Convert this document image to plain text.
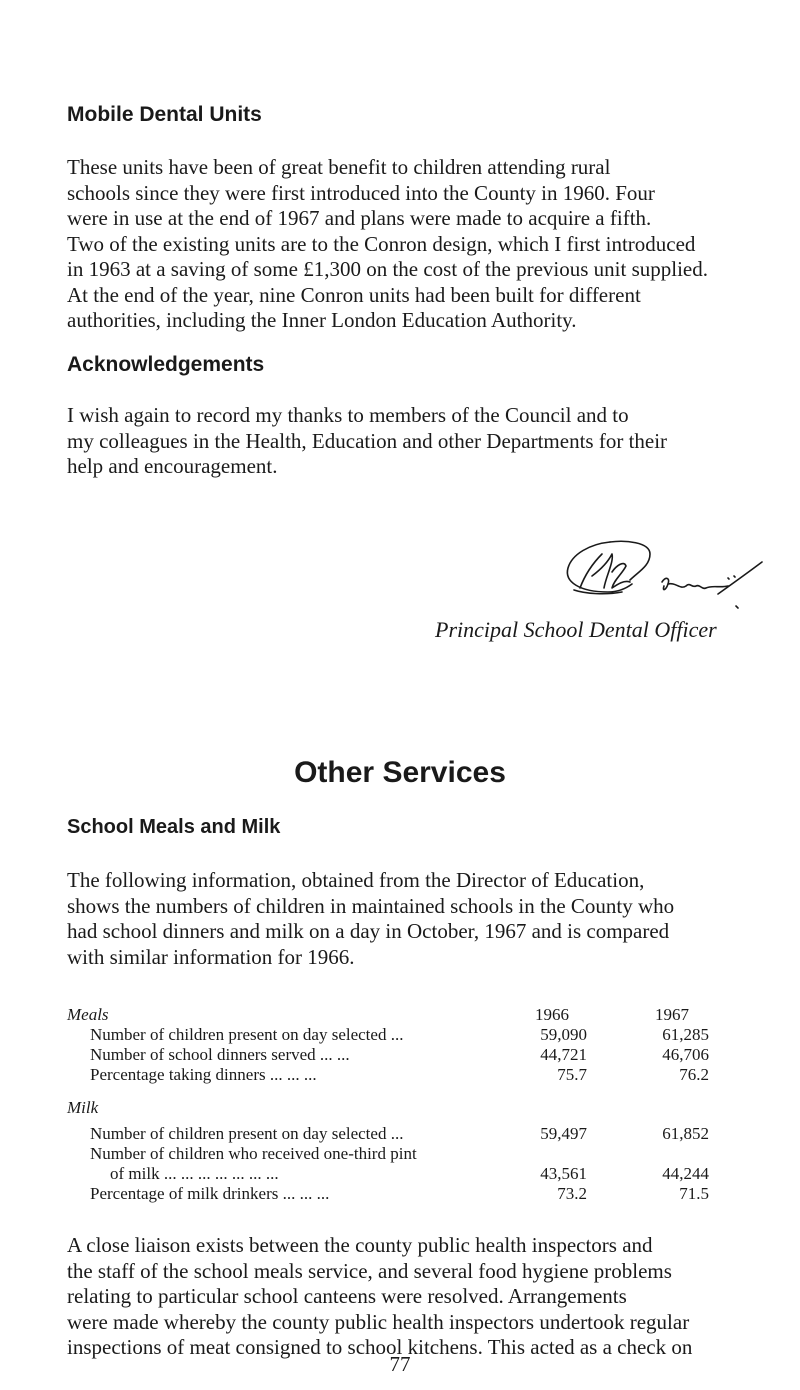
Mobile Dental Units

These units have been of great benefit to children attending rural

schools since they were first introduced into the County in 1960. Four

were in use at the end of 1967 and plans were made to acquire a fifth.

Two of the existing units are to the Conron design, which I first introduced

in 1963 at a saving of some £1,300 on the cost of the previous unit supplied.

At the end of the year, nine Conron units had been built for different

authorities, including the Inner London Education Authority.

Acknowledgements

I wish again to record my thanks to members of the Council and to

my colleagues in the Health, Education and other Departments for their

help and encouragement.

Principal School Dental Officer
Other Services
School Meals and Milk

The following information, obtained from the Director of Education,

shows the numbers of children in maintained schools in the County who

had school dinners and milk on a day in October, 1967 and is compared

with similar information for 1966.

Meals	1966	1967
Number of children present on day selected ...	59,090	61,285
Number of school dinners served ... ...	44,721	46,706
Percentage taking dinners ... ... ...	75.7	76.2
Milk
Number of children present on day selected ...	59,497	61,852
Number of children who received one-third pint
of milk ... ... ... ... ... ... ...	43,561	44,244
Percentage of milk drinkers ... ... ...	73.2	71.5

A close liaison exists between the county public health inspectors and

the staff of the school meals service, and several food hygiene problems

relating to particular school canteens were resolved. Arrangements

were made whereby the county public health inspectors undertook regular

inspections of meat consigned to school kitchens. This acted as a check on

77
